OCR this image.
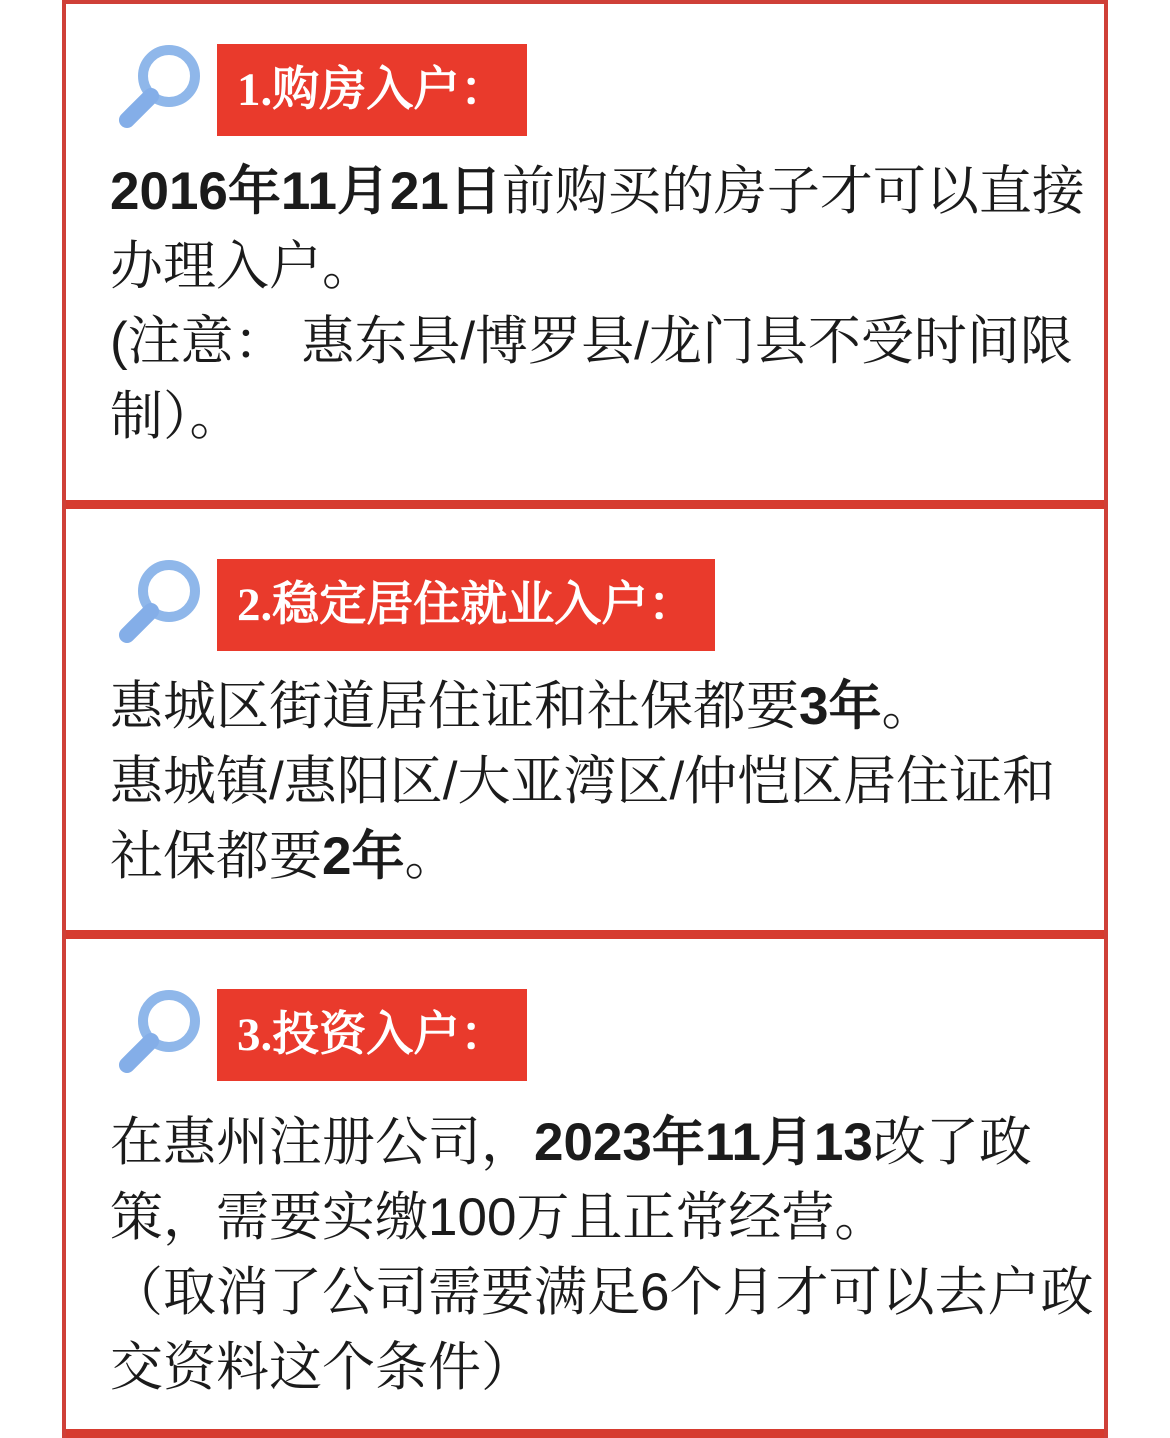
1.购房入户：
2016年11月21日前购买的房子才可以直接
办理入户。
(注意： 惠东县/博罗县/龙门县不受时间限
制）。
2.稳定居住就业入户：
惠城区街道居住证和社保都要3年。
惠城镇/惠阳区/大亚湾区/仲恺区居住证和
社保都要2年。
3.投资入户：
在惠州注册公司，2023年11月13改了政
策，需要实缴100万且正常经营。
（取消了公司需要满足6个月才可以去户政
交资料这个条件）
